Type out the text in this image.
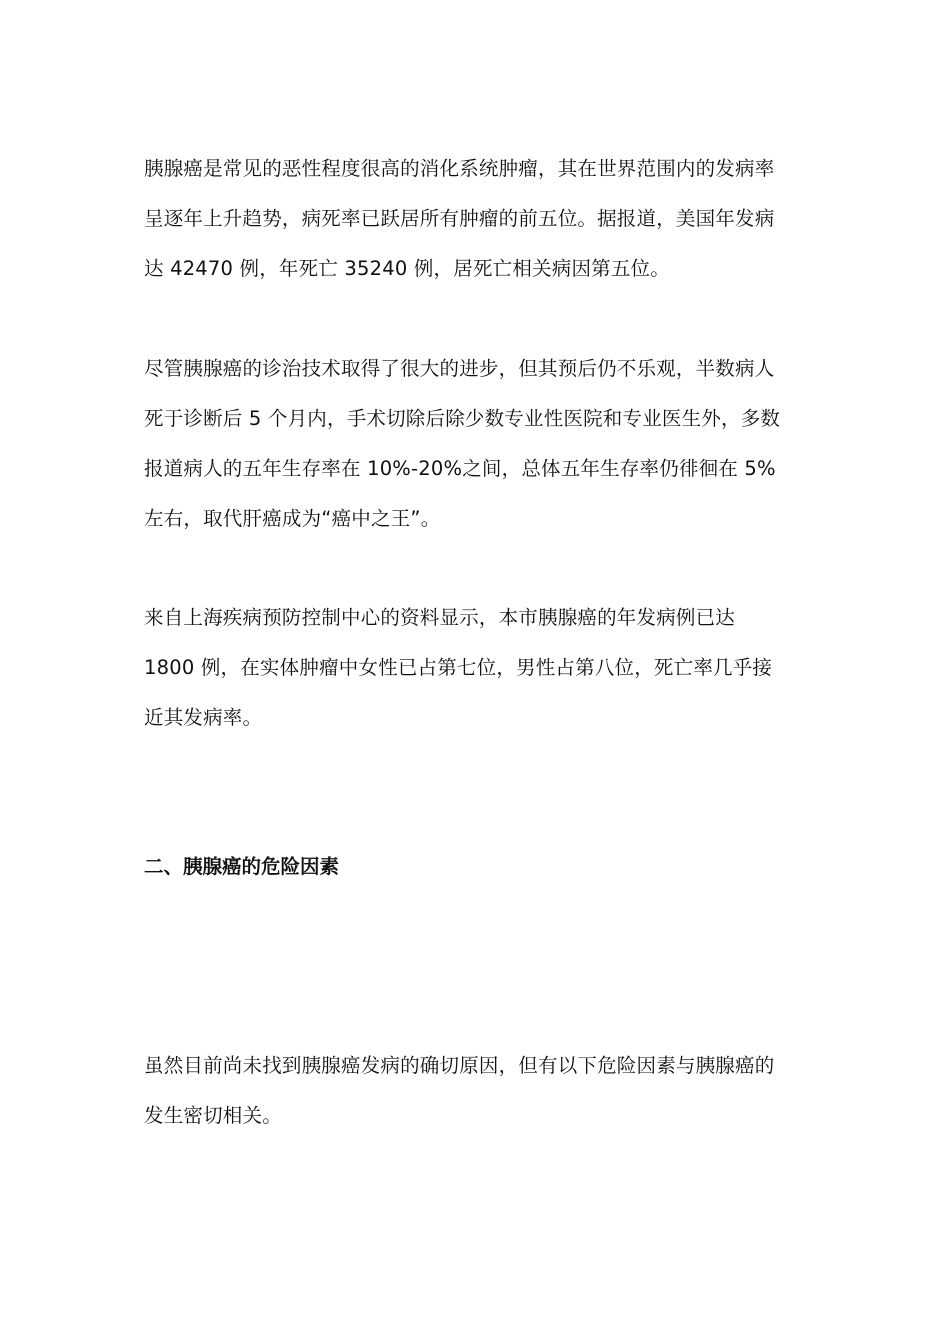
胰腺癌是常见的恶性程度很高的消化系统肿瘤，其在世界范围内的发病率
呈逐年上升趋势，病死率已跃居所有肿瘤的前五位。据报道，美国年发病
达 42470 例，年死亡 35240 例，居死亡相关病因第五位。
尽管胰腺癌的诊治技术取得了很大的进步，但其预后仍不乐观，半数病人
死于诊断后 5 个月内，手术切除后除少数专业性医院和专业医生外，多数
报道病人的五年生存率在 10%-20%之间，总体五年生存率仍徘徊在 5%
左右，取代肝癌成为“癌中之王”。
来自上海疾病预防控制中心的资料显示，本市胰腺癌的年发病例已达
1800 例，在实体肿瘤中女性已占第七位，男性占第八位，死亡率几乎接
近其发病率。
二、胰腺癌的危险因素
虽然目前尚未找到胰腺癌发病的确切原因，但有以下危险因素与胰腺癌的
发生密切相关。
